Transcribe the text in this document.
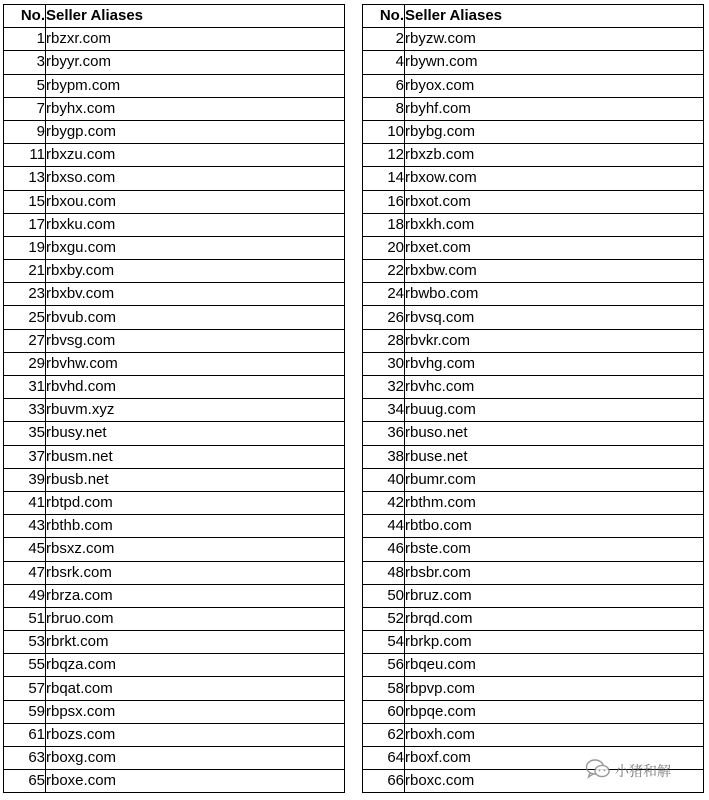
No.	Seller Aliases
1	rbzxr.com
3	rbyyr.com
5	rbypm.com
7	rbyhx.com
9	rbygp.com
11	rbxzu.com
13	rbxso.com
15	rbxou.com
17	rbxku.com
19	rbxgu.com
21	rbxby.com
23	rbxbv.com
25	rbvub.com
27	rbvsg.com
29	rbvhw.com
31	rbvhd.com
33	rbuvm.xyz
35	rbusy.net
37	rbusm.net
39	rbusb.net
41	rbtpd.com
43	rbthb.com
45	rbsxz.com
47	rbsrk.com
49	rbrza.com
51	rbruo.com
53	rbrkt.com
55	rbqza.com
57	rbqat.com
59	rbpsx.com
61	rbozs.com
63	rboxg.com
65	rboxe.com
No.	Seller Aliases
2	rbyzw.com
4	rbywn.com
6	rbyox.com
8	rbyhf.com
10	rbybg.com
12	rbxzb.com
14	rbxow.com
16	rbxot.com
18	rbxkh.com
20	rbxet.com
22	rbxbw.com
24	rbwbo.com
26	rbvsq.com
28	rbvkr.com
30	rbvhg.com
32	rbvhc.com
34	rbuug.com
36	rbuso.net
38	rbuse.net
40	rbumr.com
42	rbthm.com
44	rbtbo.com
46	rbste.com
48	rbsbr.com
50	rbruz.com
52	rbrqd.com
54	rbrkp.com
56	rbqeu.com
58	rbpvp.com
60	rbpqe.com
62	rboxh.com
64	rboxf.com
66	rboxc.com
小猪和解
